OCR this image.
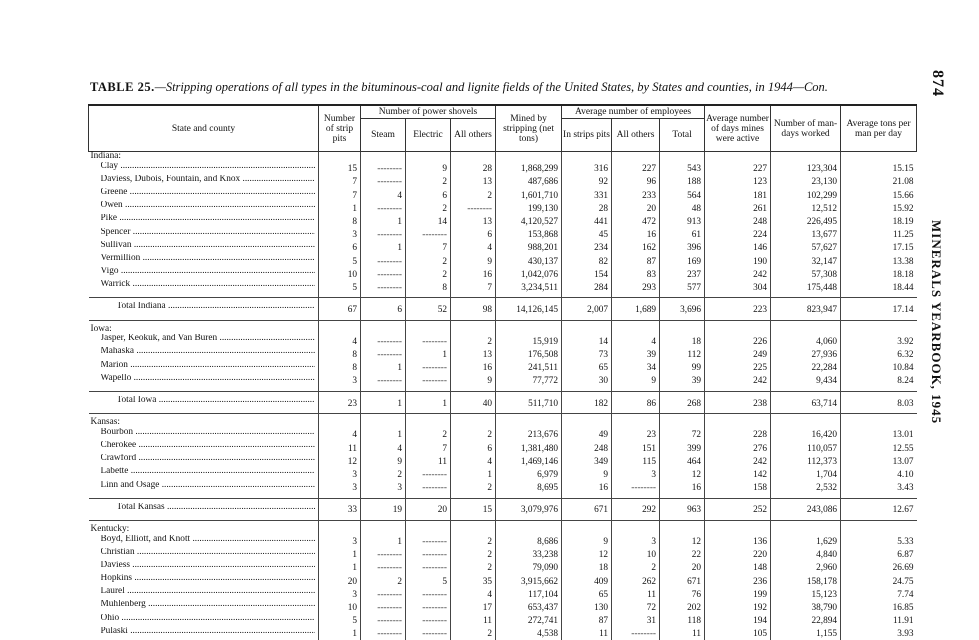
TABLE 25.—Stripping operations of all types in the bituminous-coal and lignite fields of the United States, by States and counties, in 1944—Con.	874
MINERALS YEARBOOK, 1945
State and county	Number of strip pits	Number of power shovels			Mined by stripping (net tons)	Average number of employees			Average number of days mines were active	Number of man-days worked	Average tons per man per day
		Steam	Electric	All others		In strips pits	All others	Total			
Indiana:											
Clay .....	15	--------	9	28	1,868,299	316	227	543	227	123,304	15.15
Daviess, Dubois, Fountain, and Knox .....	7	--------	2	13	487,686	92	96	188	123	23,130	21.08
Greene .....	7	4	6	2	1,601,710	331	233	564	181	102,299	15.66
Owen .....	1	--------	2	--------	199,130	28	20	48	261	12,512	15.92
Pike .....	8	1	14	13	4,120,527	441	472	913	248	226,495	18.19
Spencer .....	3	--------	--------	6	153,868	45	16	61	224	13,677	11.25
Sullivan .....	6	1	7	4	988,201	234	162	396	146	57,627	17.15
Vermillion .....	5	--------	2	9	430,137	82	87	169	190	32,147	13.38
Vigo .....	10	--------	2	16	1,042,076	154	83	237	242	57,308	18.18
Warrick .....	5	--------	8	7	3,234,511	284	293	577	304	175,448	18.44

Total Indiana .....	67	6	52	98	14,126,145	2,007	1,689	3,696	223	823,947	17.14

Iowa:											
Jasper, Keokuk, and Van Buren .....	4	--------	--------	2	15,919	14	4	18	226	4,060	3.92
Mahaska .....	8	--------	1	13	176,508	73	39	112	249	27,936	6.32
Marion .....	8	1	--------	16	241,511	65	34	99	225	22,284	10.84
Wapello .....	3	--------	--------	9	77,772	30	9	39	242	9,434	8.24

Total Iowa .....	23	1	1	40	511,710	182	86	268	238	63,714	8.03

Kansas:											
Bourbon .....	4	1	2	2	213,676	49	23	72	228	16,420	13.01
Cherokee .....	11	4	7	6	1,381,480	248	151	399	276	110,057	12.55
Crawford .....	12	9	11	4	1,469,146	349	115	464	242	112,373	13.07
Labette .....	3	2	--------	1	6,979	9	3	12	142	1,704	4.10
Linn and Osage .....	3	3	--------	2	8,695	16	--------	16	158	2,532	3.43

Total Kansas .....	33	19	20	15	3,079,976	671	292	963	252	243,086	12.67

Kentucky:											
Boyd, Elliott, and Knott .....	3	1	--------	2	8,686	9	3	12	136	1,629	5.33
Christian .....	1	--------	--------	2	33,238	12	10	22	220	4,840	6.87
Daviess .....	1	--------	--------	2	79,090	18	2	20	148	2,960	26.69
Hopkins .....	20	2	5	35	3,915,662	409	262	671	236	158,178	24.75
Laurel .....	3	--------	--------	4	117,104	65	11	76	199	15,123	7.74
Muhlenberg .....	10	--------	--------	17	653,437	130	72	202	192	38,790	16.85
Ohio .....	5	--------	--------	11	272,741	87	31	118	194	22,894	11.91
Pulaski .....	1	--------	--------	2	4,538	11	--------	11	105	1,155	3.93
